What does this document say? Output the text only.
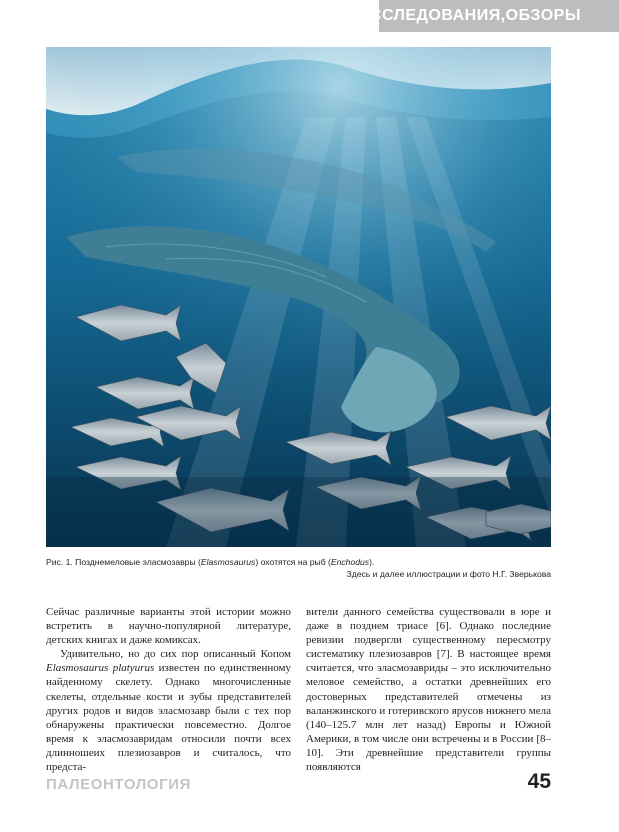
ИССЛЕДОВАНИЯ,ОБЗОРЫ
Рис. 1. Позднемеловые эласмозавры (Elasmosaurus) охотятся на рыб (Enchodus).
Здесь и далее иллюстрации и фото Н.Г. Зверькова

Сейчас различные варианты этой истории можно встретить в научно-популярной литературе, детских книгах и даже комиксах.

Удивительно, но до сих пор описанный Копом Elasmosaurus platyurus известен по единственному найденному скелету. Однако многочисленные скелеты, отдельные кости и зубы представителей других родов и видов эласмозавр были с тех пор обнаружены практически повсеместно. Долгое время к эласмозавридам относили почти всех длинношеих плезиозавров и считалось, что предста-

вители данного семейства существовали в юре и даже в позднем триасе [6]. Однако последние ревизии подвергли существенному пересмотру систематику плезиозавров [7]. В настоящее время считается, что эласмозавриды – это исключительно меловое семейство, а остатки древнейших его достоверных представителей отмечены из валанжинского и готеривского ярусов нижнего мела (140–125.7 млн лет назад) Европы и Южной Америки, в том числе они встречены и в России [8–10]. Эти древнейшие представители группы появляются

ПАЛЕОНТОЛОГИЯ	45
